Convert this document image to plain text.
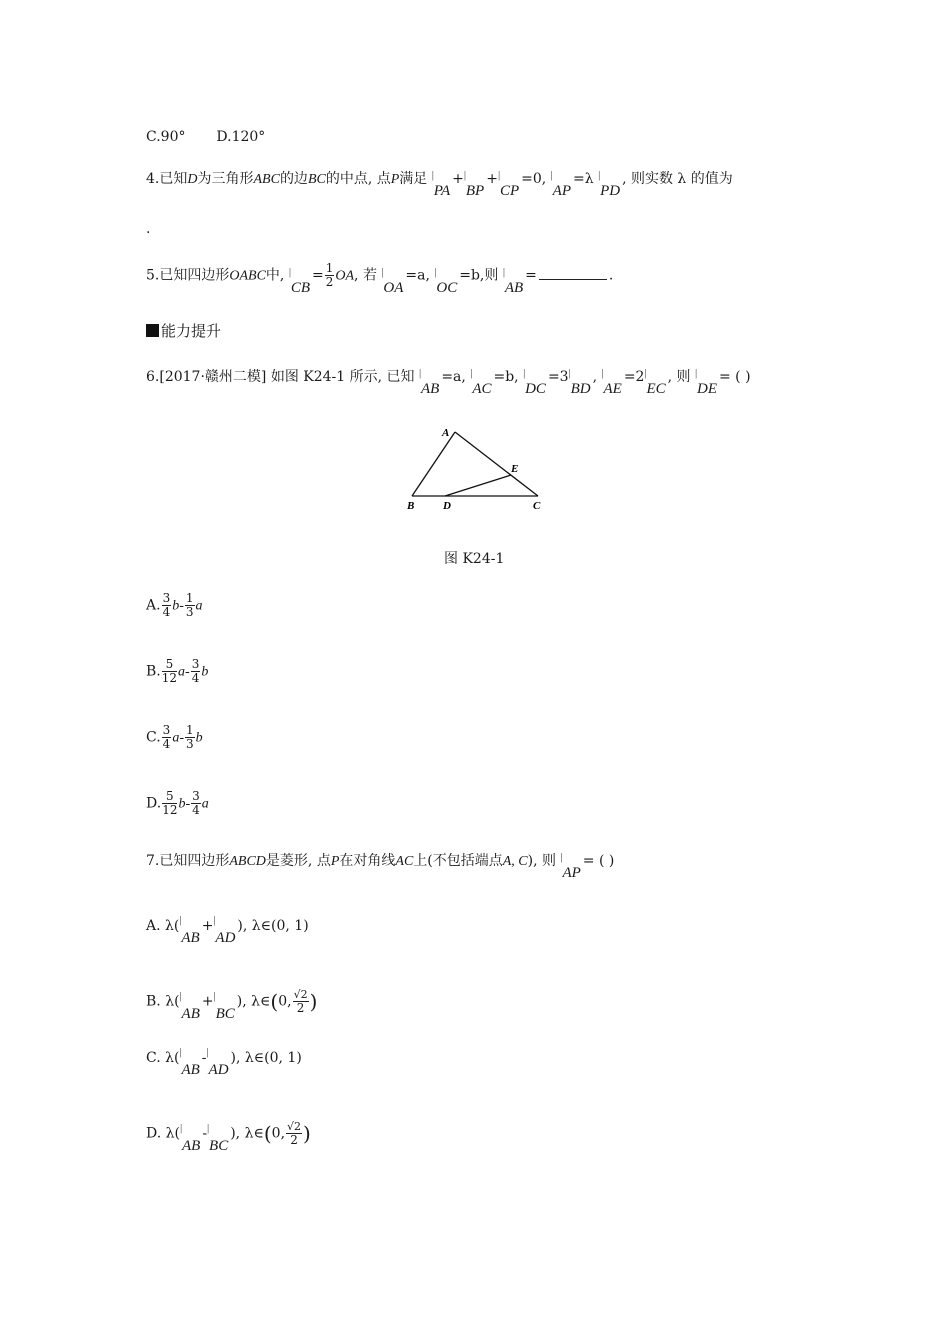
C.90° D.120°
4.已知D为三角形ABC的边BC的中点, 点P满足 | PA+| BP+| CP=0, | AP=λ | PD, 则实数 λ 的值为
.
5.已知四边形OABC中, | $CB= \frac{1}{2}$ OA, 若 | OA=a, | OC=b,则 | AB=	.
能力提升
6.[2017·赣州二模] 如图 K24-1 所示, 已知 | AB=a, | AC=b, | DC=3| BD, | AE=2| EC, 则 | DE= ( )
A
B	D	C
E
图 K24-1
A. $\frac{3}{4} b- \frac{1}{3}$ a
B. $\frac{5}{12} a- \frac{3}{4}$ b
C. $\frac{3}{4} a- \frac{1}{3}$ b
D. $\frac{5}{12} b- \frac{3}{4}$ a
7.已知四边形ABCD是菱形, 点P在对角线AC上(不包括端点A, C), 则 | AP= ( )
A. λ(| AB+| AD), λ∈(0, 1)
B. λ(| AB+| BC), λ∈(0, $\frac{√2}{2}$ )
C. λ(| AB-| AD), λ∈(0, 1)
D. λ(| AB-| BC), λ∈(0, $\frac{√2}{2}$ )
